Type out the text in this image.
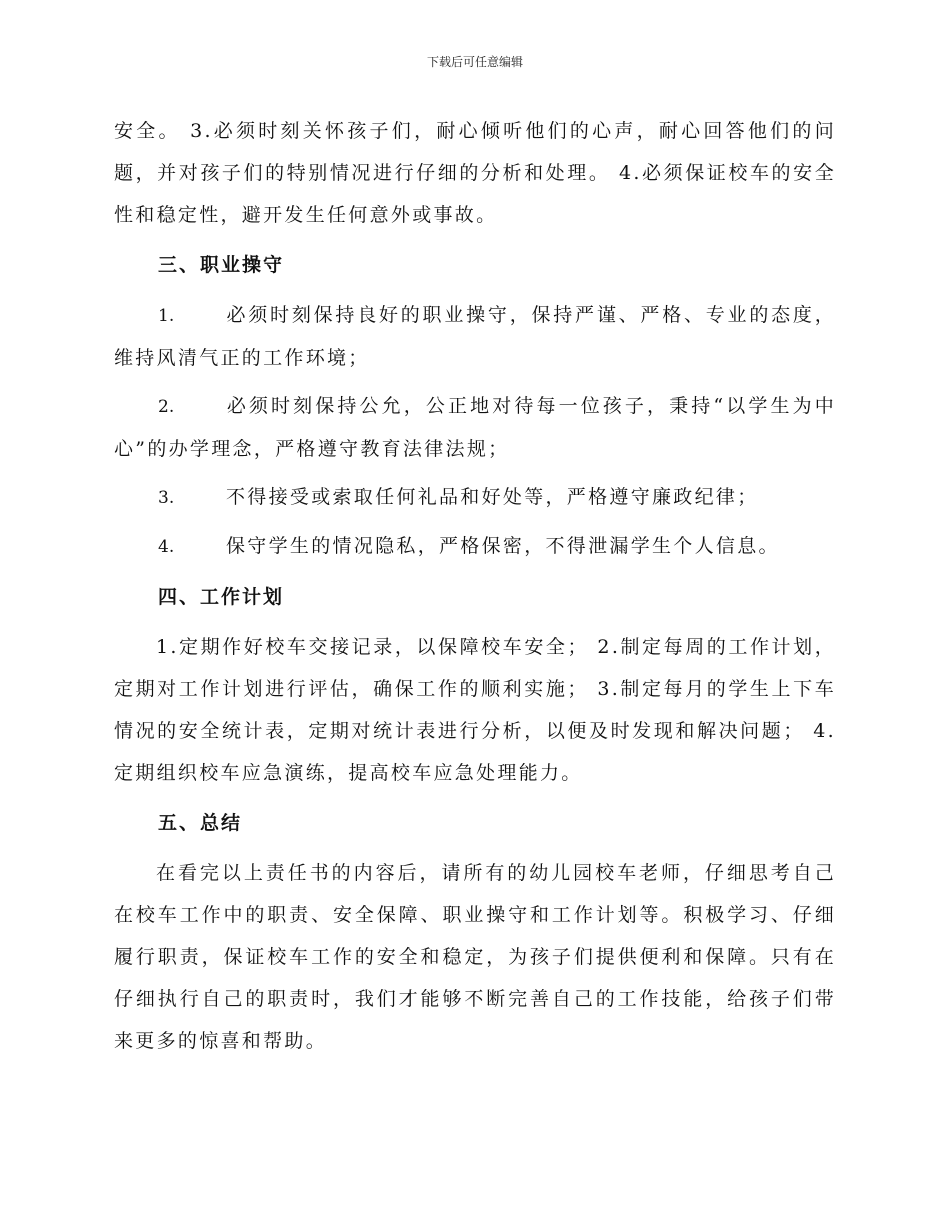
下载后可任意编辑

安全。 3.必须时刻关怀孩子们，耐心倾听他们的心声，耐心回答他们的问题，并对孩子们的特别情况进行仔细的分析和处理。 4.必须保证校车的安全性和稳定性，避开发生任何意外或事故。

三、职业操守
1.	必须时刻保持良好的职业操守，保持严谨、严格、专业的态度，维持风清气正的工作环境；
2.	必须时刻保持公允，公正地对待每一位孩子，秉持“以学生为中心”的办学理念，严格遵守教育法律法规；
3.	不得接受或索取任何礼品和好处等，严格遵守廉政纪律；
4.	保守学生的情况隐私，严格保密，不得泄漏学生个人信息。
四、工作计划

1.定期作好校车交接记录，以保障校车安全； 2.制定每周的工作计划，定期对工作计划进行评估，确保工作的顺利实施； 3.制定每月的学生上下车情况的安全统计表，定期对统计表进行分析，以便及时发现和解决问题； 4.定期组织校车应急演练，提高校车应急处理能力。

五、总结

在看完以上责任书的内容后，请所有的幼儿园校车老师，仔细思考自己在校车工作中的职责、安全保障、职业操守和工作计划等。积极学习、仔细履行职责，保证校车工作的安全和稳定，为孩子们提供便利和保障。只有在仔细执行自己的职责时，我们才能够不断完善自己的工作技能，给孩子们带来更多的惊喜和帮助。
